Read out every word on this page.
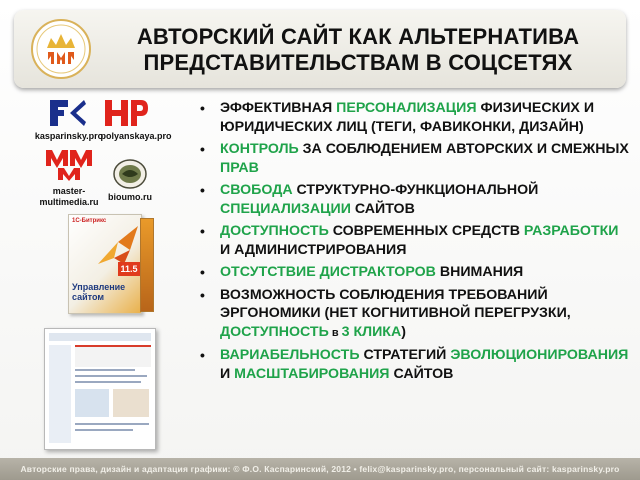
АВТОРСКИЙ САЙТ КАК АЛЬТЕРНАТИВА
ПРЕДСТАВИТЕЛЬСТВАМ В СОЦСЕТЯХ
kasparinsky.pro
polyanskaya.pro
master-
multimedia.ru	bioumo.ru
1С-Битрикс
11.5
Управление сайтом
• ЭФФЕКТИВНАЯ ПЕРСОНАЛИЗАЦИЯ ФИЗИЧЕСКИХ И ЮРИДИЧЕСКИХ ЛИЦ (ТЕГИ, ФАВИКОНКИ, ДИЗАЙН)
• КОНТРОЛЬ ЗА СОБЛЮДЕНИЕМ АВТОРСКИХ И СМЕЖНЫХ ПРАВ
• СВОБОДА СТРУКТУРНО-ФУНКЦИОНАЛЬНОЙ СПЕЦИАЛИЗАЦИИ САЙТОВ
• ДОСТУПНОСТЬ СОВРЕМЕННЫХ СРЕДСТВ РАЗРАБОТКИ И АДМИНИСТРИРОВАНИЯ
• ОТСУТСТВИЕ ДИСТРАКТОРОВ ВНИМАНИЯ
• ВОЗМОЖНОСТЬ СОБЛЮДЕНИЯ ТРЕБОВАНИЙ ЭРГОНОМИКИ (НЕТ КОГНИТИВНОЙ ПЕРЕГРУЗКИ, ДОСТУПНОСТЬ в 3 КЛИКА)
• ВАРИАБЕЛЬНОСТЬ СТРАТЕГИЙ ЭВОЛЮЦИОНИРОВАНИЯ И МАСШТАБИРОВАНИЯ САЙТОВ
Авторские права, дизайн и адаптация графики: © Ф.О. Каспаринский, 2012 • felix@kasparinsky.pro, персональный сайт: kasparinsky.pro
